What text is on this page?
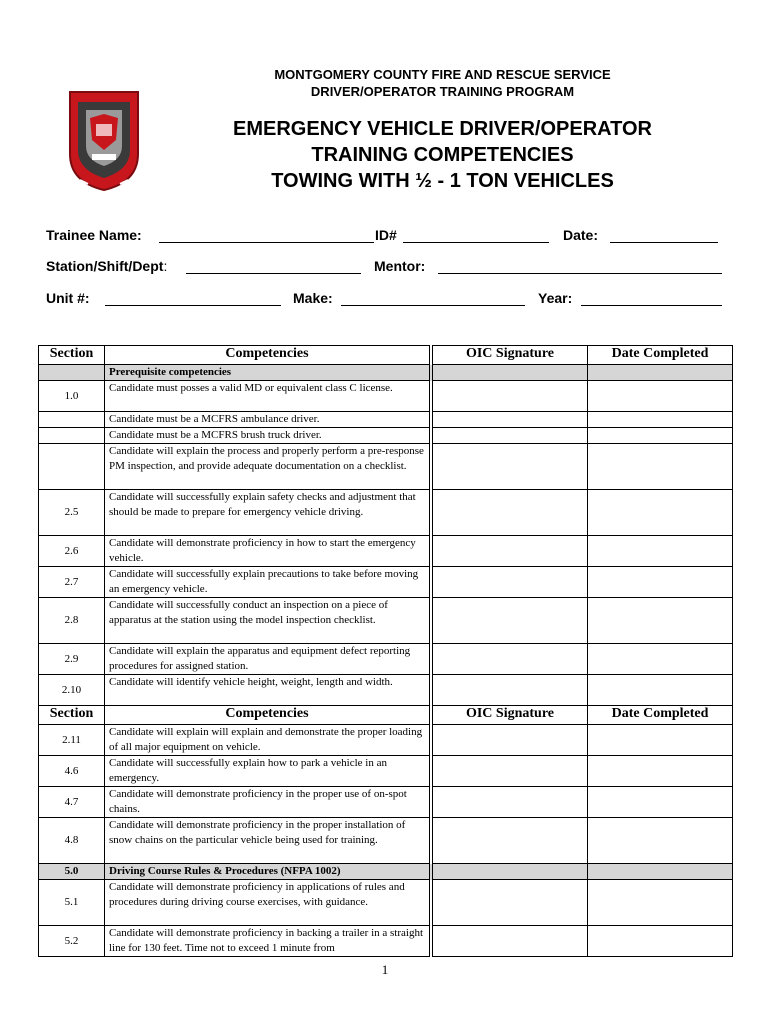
MONTGOMERY COUNTY FIRE AND RESCUE SERVICE
DRIVER/OPERATOR TRAINING PROGRAM
EMERGENCY VEHICLE DRIVER/OPERATOR
TRAINING COMPETENCIES
TOWING WITH ½ - 1 TON VEHICLES
Trainee Name:	ID#	Date:
Station/Shift/Dept:	Mentor:
Unit #:	Make:	Year:
Section	Competencies		OIC Signature	Date Completed
	Prerequisite competencies			
1.0	Candidate must posses a valid MD or equivalent class C license.			
	Candidate must be a MCFRS ambulance driver.			
	Candidate must be a MCFRS brush truck driver.			
	Candidate will explain the process and properly perform a pre-response PM inspection, and provide adequate documentation on a checklist.			
2.5	Candidate will successfully explain safety checks and adjustment that should be made to prepare for emergency vehicle driving.			
2.6	Candidate will demonstrate proficiency in how to start the emergency vehicle.			
2.7	Candidate will successfully explain precautions to take before moving an emergency vehicle.			
2.8	Candidate will successfully conduct an inspection on a piece of apparatus at the station using the model inspection checklist.			
2.9	Candidate will explain the apparatus and equipment defect reporting procedures for assigned station.			
2.10	Candidate will identify vehicle height, weight, length and width.			
Section	Competencies		OIC Signature	Date Completed
2.11	Candidate will explain will explain and demonstrate the proper loading of all major equipment on vehicle.			
4.6	Candidate will successfully explain how to park a vehicle in an emergency.			
4.7	Candidate will demonstrate proficiency in the proper use of on-spot chains.			
4.8	Candidate will demonstrate proficiency in the proper installation of snow chains on the particular vehicle being used for training.			
5.0	Driving Course Rules & Procedures (NFPA 1002)			
5.1	Candidate will demonstrate proficiency in applications of rules and procedures during driving course exercises, with guidance.			
5.2	Candidate will demonstrate proficiency in backing a trailer in a straight line for 130 feet. Time not to exceed 1 minute from			
1
